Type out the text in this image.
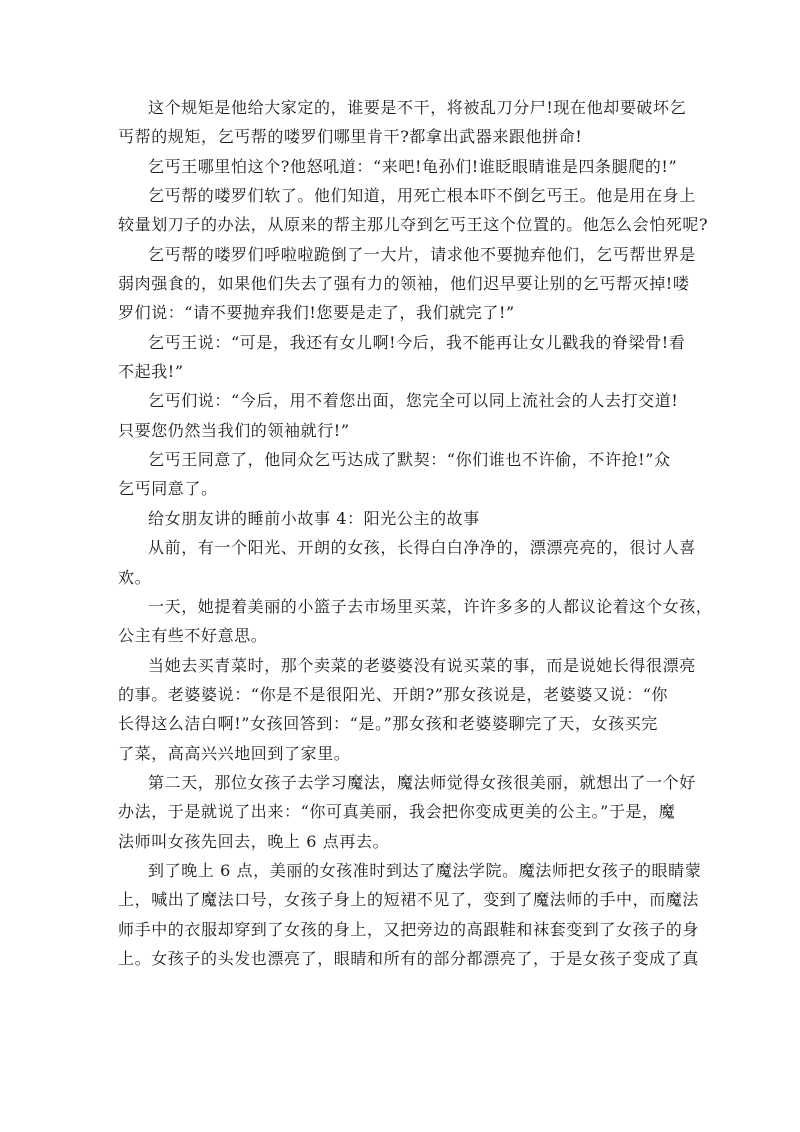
这个规矩是他给大家定的，谁要是不干，将被乱刀分尸!现在他却要破坏乞
丐帮的规矩，乞丐帮的喽罗们哪里肯干?都拿出武器来跟他拼命!
乞丐王哪里怕这个?他怒吼道：“来吧!龟孙们!谁眨眼睛谁是四条腿爬的!”
乞丐帮的喽罗们软了。他们知道，用死亡根本吓不倒乞丐王。他是用在身上
较量划刀子的办法，从原来的帮主那儿夺到乞丐王这个位置的。他怎么会怕死呢?
乞丐帮的喽罗们呼啦啦跪倒了一大片，请求他不要抛弃他们，乞丐帮世界是
弱肉强食的，如果他们失去了强有力的领袖，他们迟早要让别的乞丐帮灭掉!喽
罗们说：“请不要抛弃我们!您要是走了，我们就完了!”
乞丐王说：“可是，我还有女儿啊!今后，我不能再让女儿戳我的脊梁骨!看
不起我!”
乞丐们说：“今后，用不着您出面，您完全可以同上流社会的人去打交道!
只要您仍然当我们的领袖就行!”
乞丐王同意了，他同众乞丐达成了默契：“你们谁也不许偷，不许抢!”众
乞丐同意了。
给女朋友讲的睡前小故事 4：阳光公主的故事
从前，有一个阳光、开朗的女孩，长得白白净净的，漂漂亮亮的，很讨人喜
欢。
一天，她提着美丽的小篮子去市场里买菜，许许多多的人都议论着这个女孩，
公主有些不好意思。
当她去买青菜时，那个卖菜的老婆婆没有说买菜的事，而是说她长得很漂亮
的事。老婆婆说：“你是不是很阳光、开朗?”那女孩说是，老婆婆又说：“你
长得这么洁白啊!”女孩回答到：“是。”那女孩和老婆婆聊完了天，女孩买完
了菜，高高兴兴地回到了家里。
第二天，那位女孩子去学习魔法，魔法师觉得女孩很美丽，就想出了一个好
办法，于是就说了出来：“你可真美丽，我会把你变成更美的公主。”于是，魔
法师叫女孩先回去，晚上 6 点再去。
到了晚上 6 点，美丽的女孩准时到达了魔法学院。魔法师把女孩子的眼睛蒙
上，喊出了魔法口号，女孩子身上的短裙不见了，变到了魔法师的手中，而魔法
师手中的衣服却穿到了女孩的身上，又把旁边的高跟鞋和袜套变到了女孩子的身
上。女孩子的头发也漂亮了，眼睛和所有的部分都漂亮了，于是女孩子变成了真
